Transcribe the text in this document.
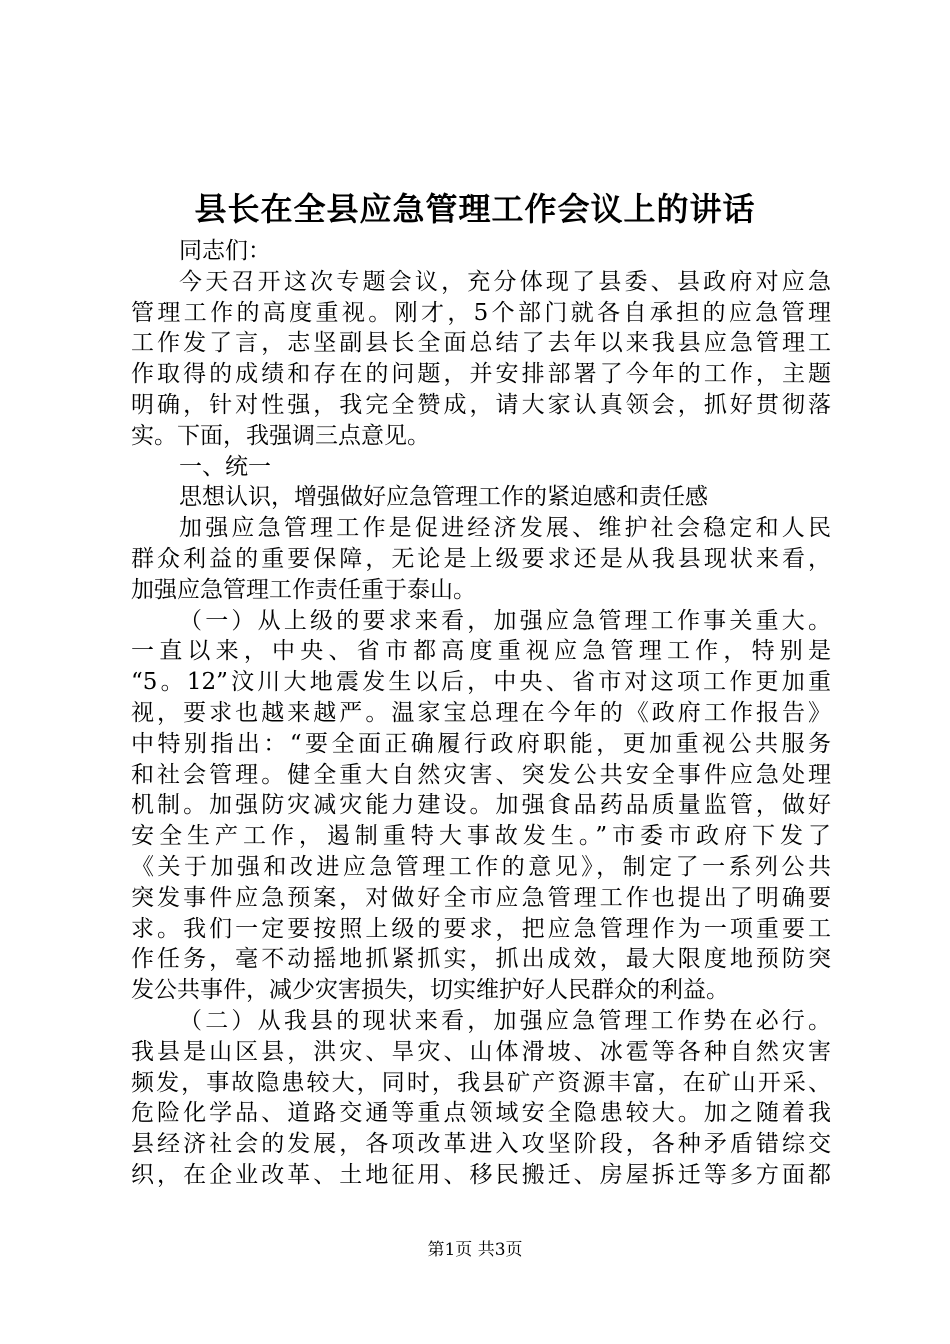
县长在全县应急管理工作会议上的讲话
同志们：
今天召开这次专题会议，充分体现了县委、县政府对应急
管理工作的高度重视。刚才，5个部门就各自承担的应急管理
工作发了言，志坚副县长全面总结了去年以来我县应急管理工
作取得的成绩和存在的问题，并安排部署了今年的工作，主题
明确，针对性强，我完全赞成，请大家认真领会，抓好贯彻落
实。下面，我强调三点意见。
一、统一
思想认识，增强做好应急管理工作的紧迫感和责任感
加强应急管理工作是促进经济发展、维护社会稳定和人民
群众利益的重要保障，无论是上级要求还是从我县现状来看，
加强应急管理工作责任重于泰山。
（一）从上级的要求来看，加强应急管理工作事关重大。
一直以来，中央、省市都高度重视应急管理工作，特别是
“5。12”汶川大地震发生以后，中央、省市对这项工作更加重
视，要求也越来越严。温家宝总理在今年的《政府工作报告》
中特别指出：“要全面正确履行政府职能，更加重视公共服务
和社会管理。健全重大自然灾害、突发公共安全事件应急处理
机制。加强防灾减灾能力建设。加强食品药品质量监管，做好
安全生产工作，遏制重特大事故发生。”市委市政府下发了
《关于加强和改进应急管理工作的意见》，制定了一系列公共
突发事件应急预案，对做好全市应急管理工作也提出了明确要
求。我们一定要按照上级的要求，把应急管理作为一项重要工
作任务，毫不动摇地抓紧抓实，抓出成效，最大限度地预防突
发公共事件，减少灾害损失，切实维护好人民群众的利益。
（二）从我县的现状来看，加强应急管理工作势在必行。
我县是山区县，洪灾、旱灾、山体滑坡、冰雹等各种自然灾害
频发，事故隐患较大，同时，我县矿产资源丰富，在矿山开采、
危险化学品、道路交通等重点领域安全隐患较大。加之随着我
县经济社会的发展，各项改革进入攻坚阶段，各种矛盾错综交
织，在企业改革、土地征用、移民搬迁、房屋拆迁等多方面都
第1页 共3页
